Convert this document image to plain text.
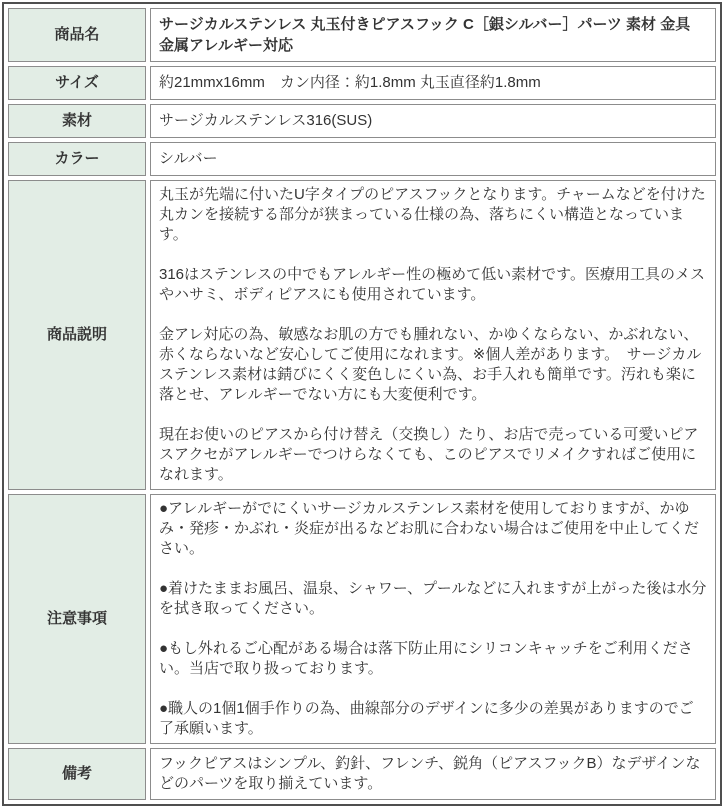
商品名	サージカルステンレス 丸玉付きピアスフック C［銀シルバー］パーツ 素材 金具 金属アレルギー対応
サイズ	約21mmx16mm　カン内径：約1.8mm 丸玉直径約1.8mm
素材	サージカルステンレス316(SUS)
カラー	シルバー
商品説明	丸玉が先端に付いたU字タイプのピアスフックとなります。チャームなどを付けた丸カンを接続する部分が狭まっている仕様の為、落ちにくい構造となっています。
316はステンレスの中でもアレルギー性の極めて低い素材です。医療用工具のメスやハサミ、ボディピアスにも使用されています。
金アレ対応の為、敏感なお肌の方でも腫れない、かゆくならない、かぶれない、赤くならないなど安心してご使用になれます。※個人差があります。　サージカルステンレス素材は錆びにくく変色しにくい為、お手入れも簡単です。汚れも楽に落とせ、アレルギーでない方にも大変便利です。
現在お使いのピアスから付け替え（交換し）たり、お店で売っている可愛いピアスアクセがアレルギーでつけらなくても、このピアスでリメイクすればご使用になれます。

注意事項	●アレルギーがでにくいサージカルステンレス素材を使用しておりますが、かゆみ・発疹・かぶれ・炎症が出るなどお肌に合わない場合はご使用を中止してください。
●着けたままお風呂、温泉、シャワー、プールなどに入れますが上がった後は水分を拭き取ってください。
●もし外れるご心配がある場合は落下防止用にシリコンキャッチをご利用ください。当店で取り扱っております。
●職人の1個1個手作りの為、曲線部分のデザインに多少の差異がありますのでご了承願います。

備考	フックピアスはシンプル、釣針、フレンチ、鋭角（ピアスフックB）なデザインなどのパーツを取り揃えています。
